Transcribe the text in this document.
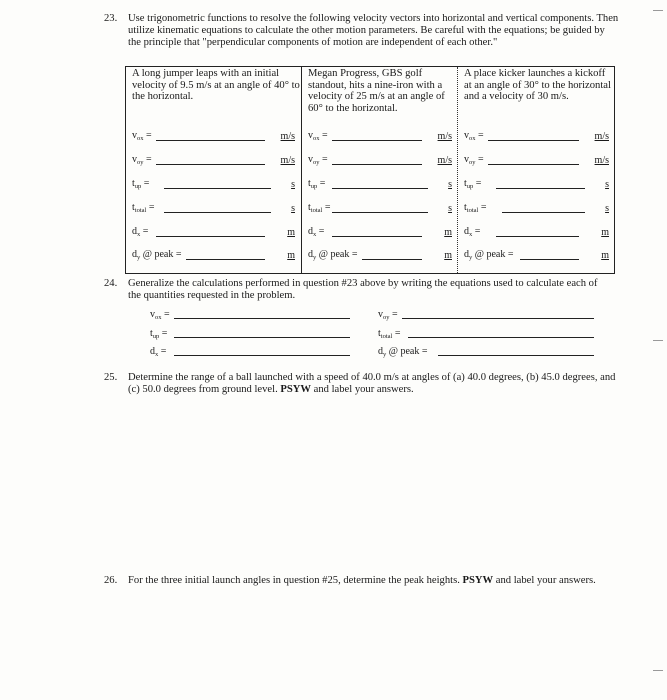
23. Use trigonometric functions to resolve the following velocity vectors into horizontal and vertical components. Then utilize kinematic equations to calculate the other motion parameters. Be careful with the equations; be guided by the principle that "perpendicular components of motion are independent of each other."
A long jumper leaps with an initial velocity of 9.5 m/s at an angle of 40° to the horizontal.
$v_{ox}$ =	m/s
$v_{oy}$ =	m/s
$t_{up}$ =	s
$t_{total}$ =	s
$d_x$ =	m
$d_y$ @ peak =	m
Megan Progress, GBS golf standout, hits a nine-iron with a velocity of 25 m/s at an angle of 60° to the horizontal.
$v_{ox}$ =	m/s
$v_{oy}$ =	m/s
$t_{up}$ =	s
$t_{total}$ =	s
$d_x$ =	m
$d_y$ @ peak =	m
A place kicker launches a kickoff at an angle of 30° to the horizontal and a velocity of 30 m/s.
$v_{ox}$ =	m/s
$v_{oy}$ =	m/s
$t_{up}$ =	s
$t_{total}$ =	s
$d_x$ =	m
$d_y$ @ peak =	m
24. Generalize the calculations performed in question #23 above by writing the equations used to calculate each of the quantities requested in the problem.
$v_{ox}$ =	$v_{oy}$ =
$t_{up}$ =	$t_{total}$ =
$d_x$ =	$d_y$ @ peak =
25. Determine the range of a ball launched with a speed of 40.0 m/s at angles of (a) 40.0 degrees, (b) 45.0 degrees, and (c) 50.0 degrees from ground level. PSYW and label your answers.
26. For the three initial launch angles in question #25, determine the peak heights. PSYW and label your answers.
